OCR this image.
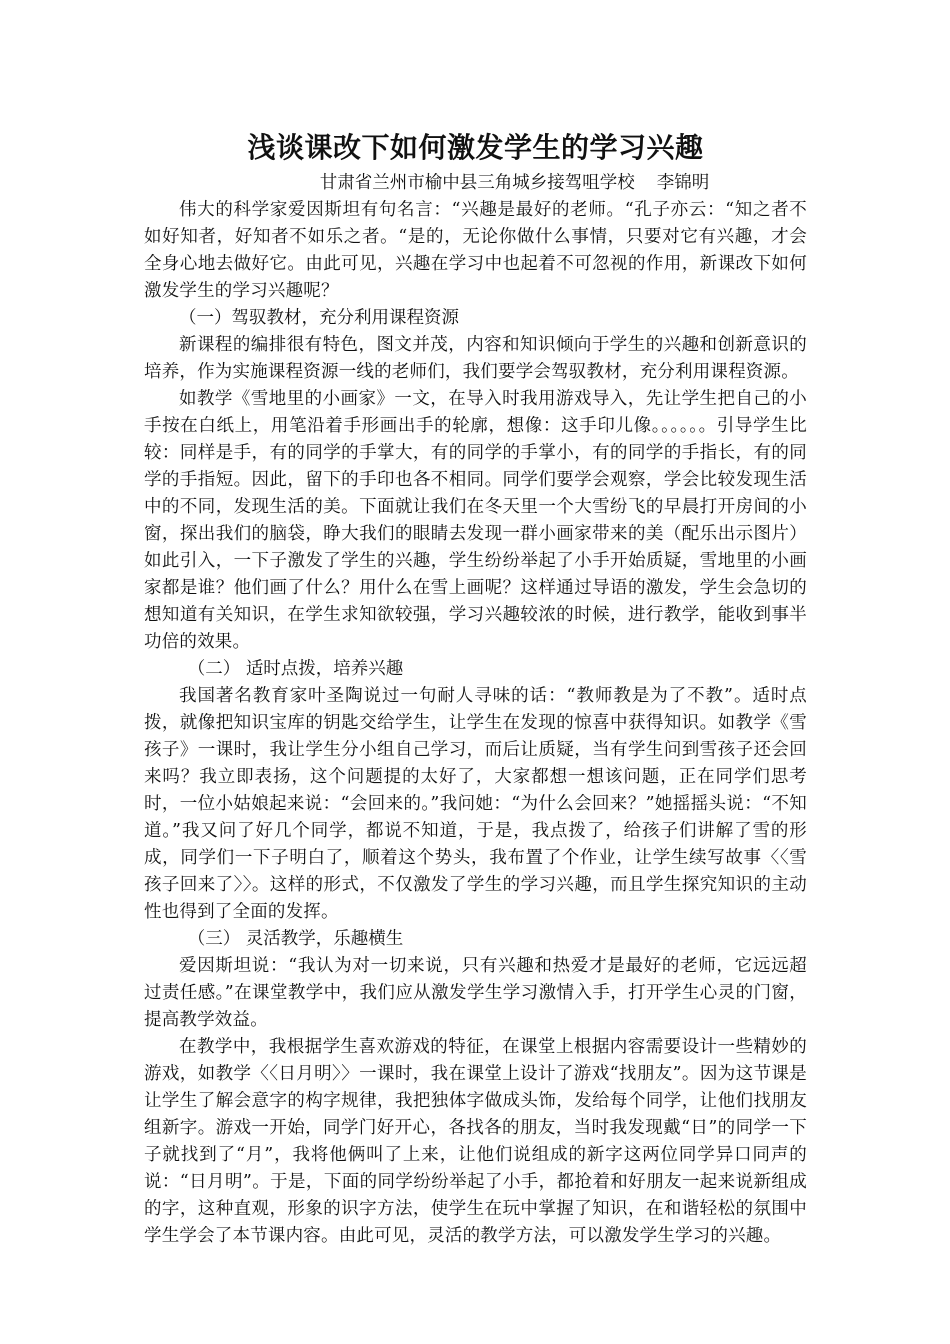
浅谈课改下如何激发学生的学习兴趣

甘肃省兰州市榆中县三角城乡接驾咀学校 李锦明

伟大的科学家爱因斯坦有句名言：“兴趣是最好的老师。“孔子亦云：“知之者不如好知者，好知者不如乐之者。“是的，无论你做什么事情，只要对它有兴趣，才会全身心地去做好它。由此可见，兴趣在学习中也起着不可忽视的作用，新课改下如何激发学生的学习兴趣呢？

（一）驾驭教材，充分利用课程资源

新课程的编排很有特色，图文并茂，内容和知识倾向于学生的兴趣和创新意识的培养，作为实施课程资源一线的老师们，我们要学会驾驭教材，充分利用课程资源。

如教学《雪地里的小画家》一文，在导入时我用游戏导入，先让学生把自己的小手按在白纸上，用笔沿着手形画出手的轮廓，想像：这手印儿像。。。。。。引导学生比较：同样是手，有的同学的手掌大，有的同学的手掌小，有的同学的手指长，有的同学的手指短。因此，留下的手印也各不相同。同学们要学会观察，学会比较发现生活中的不同，发现生活的美。下面就让我们在冬天里一个大雪纷飞的早晨打开房间的小窗，探出我们的脑袋，睁大我们的眼睛去发现一群小画家带来的美（配乐出示图片）如此引入，一下子激发了学生的兴趣，学生纷纷举起了小手开始质疑，雪地里的小画家都是谁？他们画了什么？用什么在雪上画呢？这样通过导语的激发，学生会急切的想知道有关知识，在学生求知欲较强，学习兴趣较浓的时候，进行教学，能收到事半功倍的效果。

（二） 适时点拨，培养兴趣

我国著名教育家叶圣陶说过一句耐人寻味的话：“教师教是为了不教”。适时点拨，就像把知识宝库的钥匙交给学生，让学生在发现的惊喜中获得知识。如教学《雪孩子》一课时，我让学生分小组自己学习，而后让质疑，当有学生问到雪孩子还会回来吗？我立即表扬，这个问题提的太好了，大家都想一想该问题，正在同学们思考时，一位小姑娘起来说：“会回来的。”我问她：“为什么会回来？”她摇摇头说：“不知道。”我又问了好几个同学，都说不知道，于是，我点拨了，给孩子们讲解了雪的形成，同学们一下子明白了，顺着这个势头，我布置了个作业，让学生续写故事〈〈雪孩子回来了〉〉。这样的形式，不仅激发了学生的学习兴趣，而且学生探究知识的主动性也得到了全面的发挥。

（三） 灵活教学，乐趣横生

爱因斯坦说：“我认为对一切来说，只有兴趣和热爱才是最好的老师，它远远超过责任感。”在课堂教学中，我们应从激发学生学习激情入手，打开学生心灵的门窗，提高教学效益。

在教学中，我根据学生喜欢游戏的特征，在课堂上根据内容需要设计一些精妙的游戏，如教学〈〈日月明〉〉一课时，我在课堂上设计了游戏“找朋友”。因为这节课是让学生了解会意字的构字规律，我把独体字做成头饰，发给每个同学，让他们找朋友组新字。游戏一开始，同学门好开心，各找各的朋友，当时我发现戴“日”的同学一下子就找到了“月”，我将他俩叫了上来，让他们说组成的新字这两位同学异口同声的说：“日月明”。于是，下面的同学纷纷举起了小手，都抢着和好朋友一起来说新组成的字，这种直观，形象的识字方法，使学生在玩中掌握了知识，在和谐轻松的氛围中学生学会了本节课内容。由此可见，灵活的教学方法，可以激发学生学习的兴趣。
